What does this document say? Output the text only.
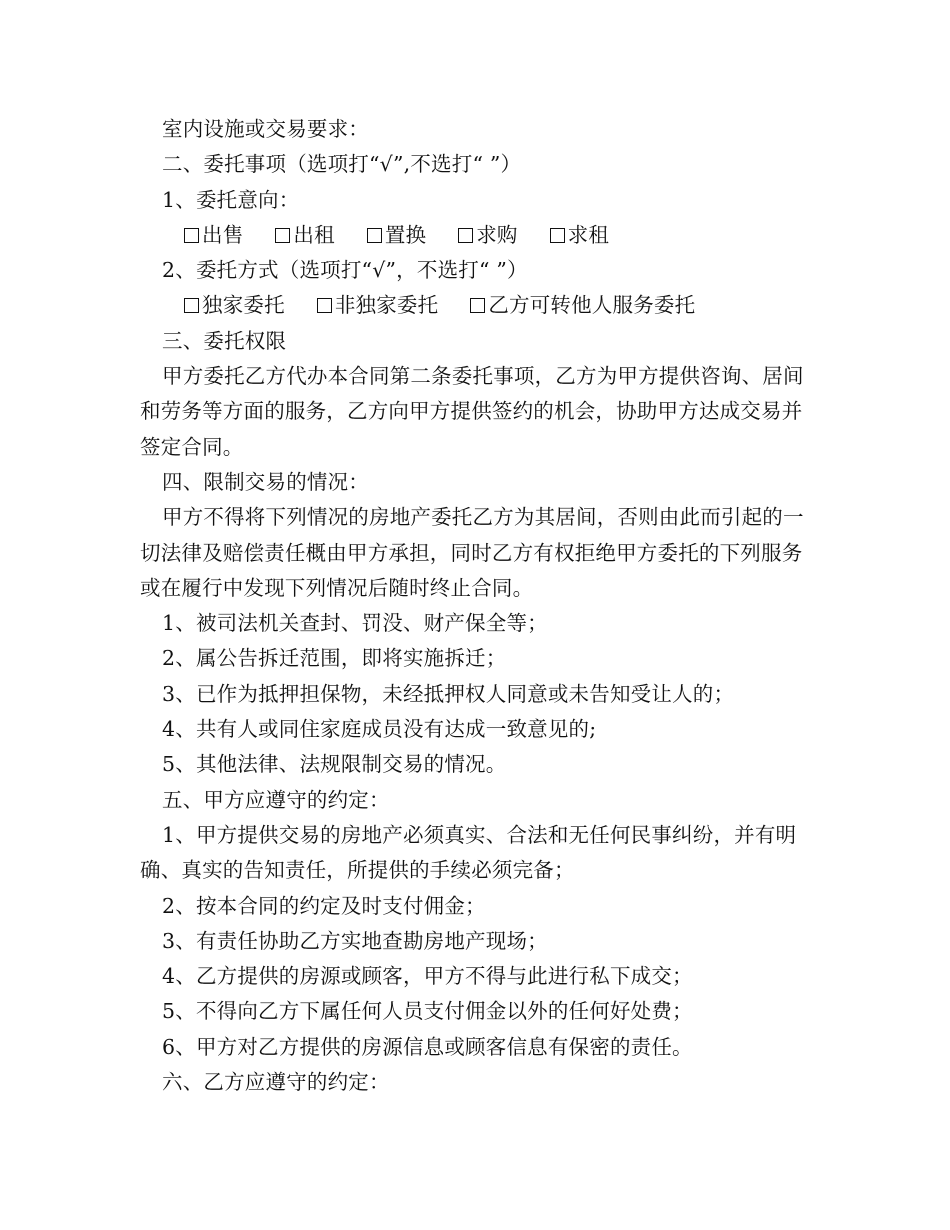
室内设施或交易要求：

二、委托事项（选项打“√”,不选打“ ”）

1、委托意向：

出售 出租 置换 求购 求租

2、委托方式（选项打“√”，不选打“ ”）

独家委托 非独家委托 乙方可转他人服务委托

三、委托权限

甲方委托乙方代办本合同第二条委托事项，乙方为甲方提供咨询、居间和劳务等方面的服务，乙方向甲方提供签约的机会，协助甲方达成交易并签定合同。

四、限制交易的情况：

甲方不得将下列情况的房地产委托乙方为其居间，否则由此而引起的一切法律及赔偿责任概由甲方承担，同时乙方有权拒绝甲方委托的下列服务或在履行中发现下列情况后随时终止合同。

1、被司法机关查封、罚没、财产保全等；

2、属公告拆迁范围，即将实施拆迁；

3、已作为抵押担保物，未经抵押权人同意或未告知受让人的；

4、共有人或同住家庭成员没有达成一致意见的;

5、其他法律、法规限制交易的情况。

五、甲方应遵守的约定：

1、甲方提供交易的房地产必须真实、合法和无任何民事纠纷，并有明确、真实的告知责任，所提供的手续必须完备；

2、按本合同的约定及时支付佣金；

3、有责任协助乙方实地查勘房地产现场；

4、乙方提供的房源或顾客，甲方不得与此进行私下成交；

5、不得向乙方下属任何人员支付佣金以外的任何好处费；

6、甲方对乙方提供的房源信息或顾客信息有保密的责任。

六、乙方应遵守的约定：
